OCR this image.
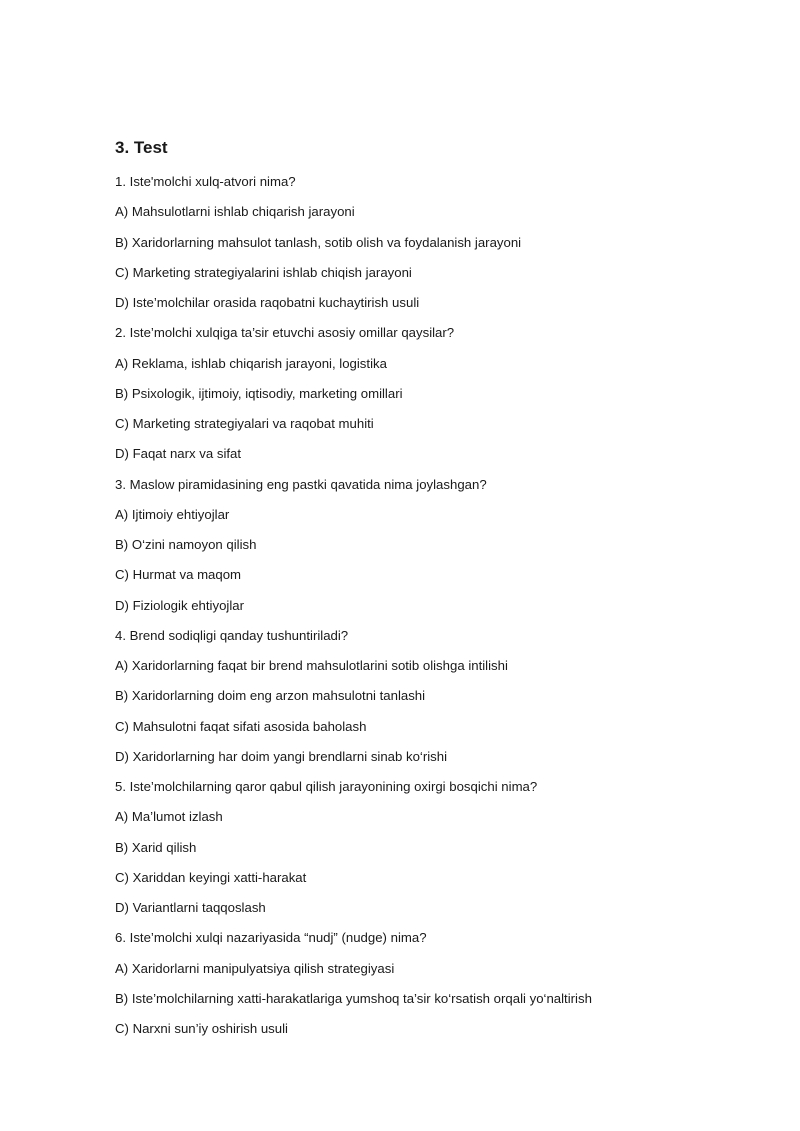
3. Test
1. Iste'molchi xulq-atvori nima?
A) Mahsulotlarni ishlab chiqarish jarayoni
B) Xaridorlarning mahsulot tanlash, sotib olish va foydalanish jarayoni
C) Marketing strategiyalarini ishlab chiqish jarayoni
D) Iste’molchilar orasida raqobatni kuchaytirish usuli
2. Iste’molchi xulqiga ta’sir etuvchi asosiy omillar qaysilar?
A) Reklama, ishlab chiqarish jarayoni, logistika
B) Psixologik, ijtimoiy, iqtisodiy, marketing omillari
C) Marketing strategiyalari va raqobat muhiti
D) Faqat narx va sifat
3. Maslow piramidasining eng pastki qavatida nima joylashgan?
A) Ijtimoiy ehtiyojlar
B) O‘zini namoyon qilish
C) Hurmat va maqom
D) Fiziologik ehtiyojlar
4. Brend sodiqligi qanday tushuntiriladi?
A) Xaridorlarning faqat bir brend mahsulotlarini sotib olishga intilishi
B) Xaridorlarning doim eng arzon mahsulotni tanlashi
C) Mahsulotni faqat sifati asosida baholash
D) Xaridorlarning har doim yangi brendlarni sinab ko‘rishi
5. Iste’molchilarning qaror qabul qilish jarayonining oxirgi bosqichi nima?
A) Ma’lumot izlash
B) Xarid qilish
C) Xariddan keyingi xatti-harakat
D) Variantlarni taqqoslash
6. Iste’molchi xulqi nazariyasida “nudj” (nudge) nima?
A) Xaridorlarni manipulyatsiya qilish strategiyasi
B) Iste’molchilarning xatti-harakatlariga yumshoq ta’sir ko‘rsatish orqali yo‘naltirish
C) Narxni sun’iy oshirish usuli
